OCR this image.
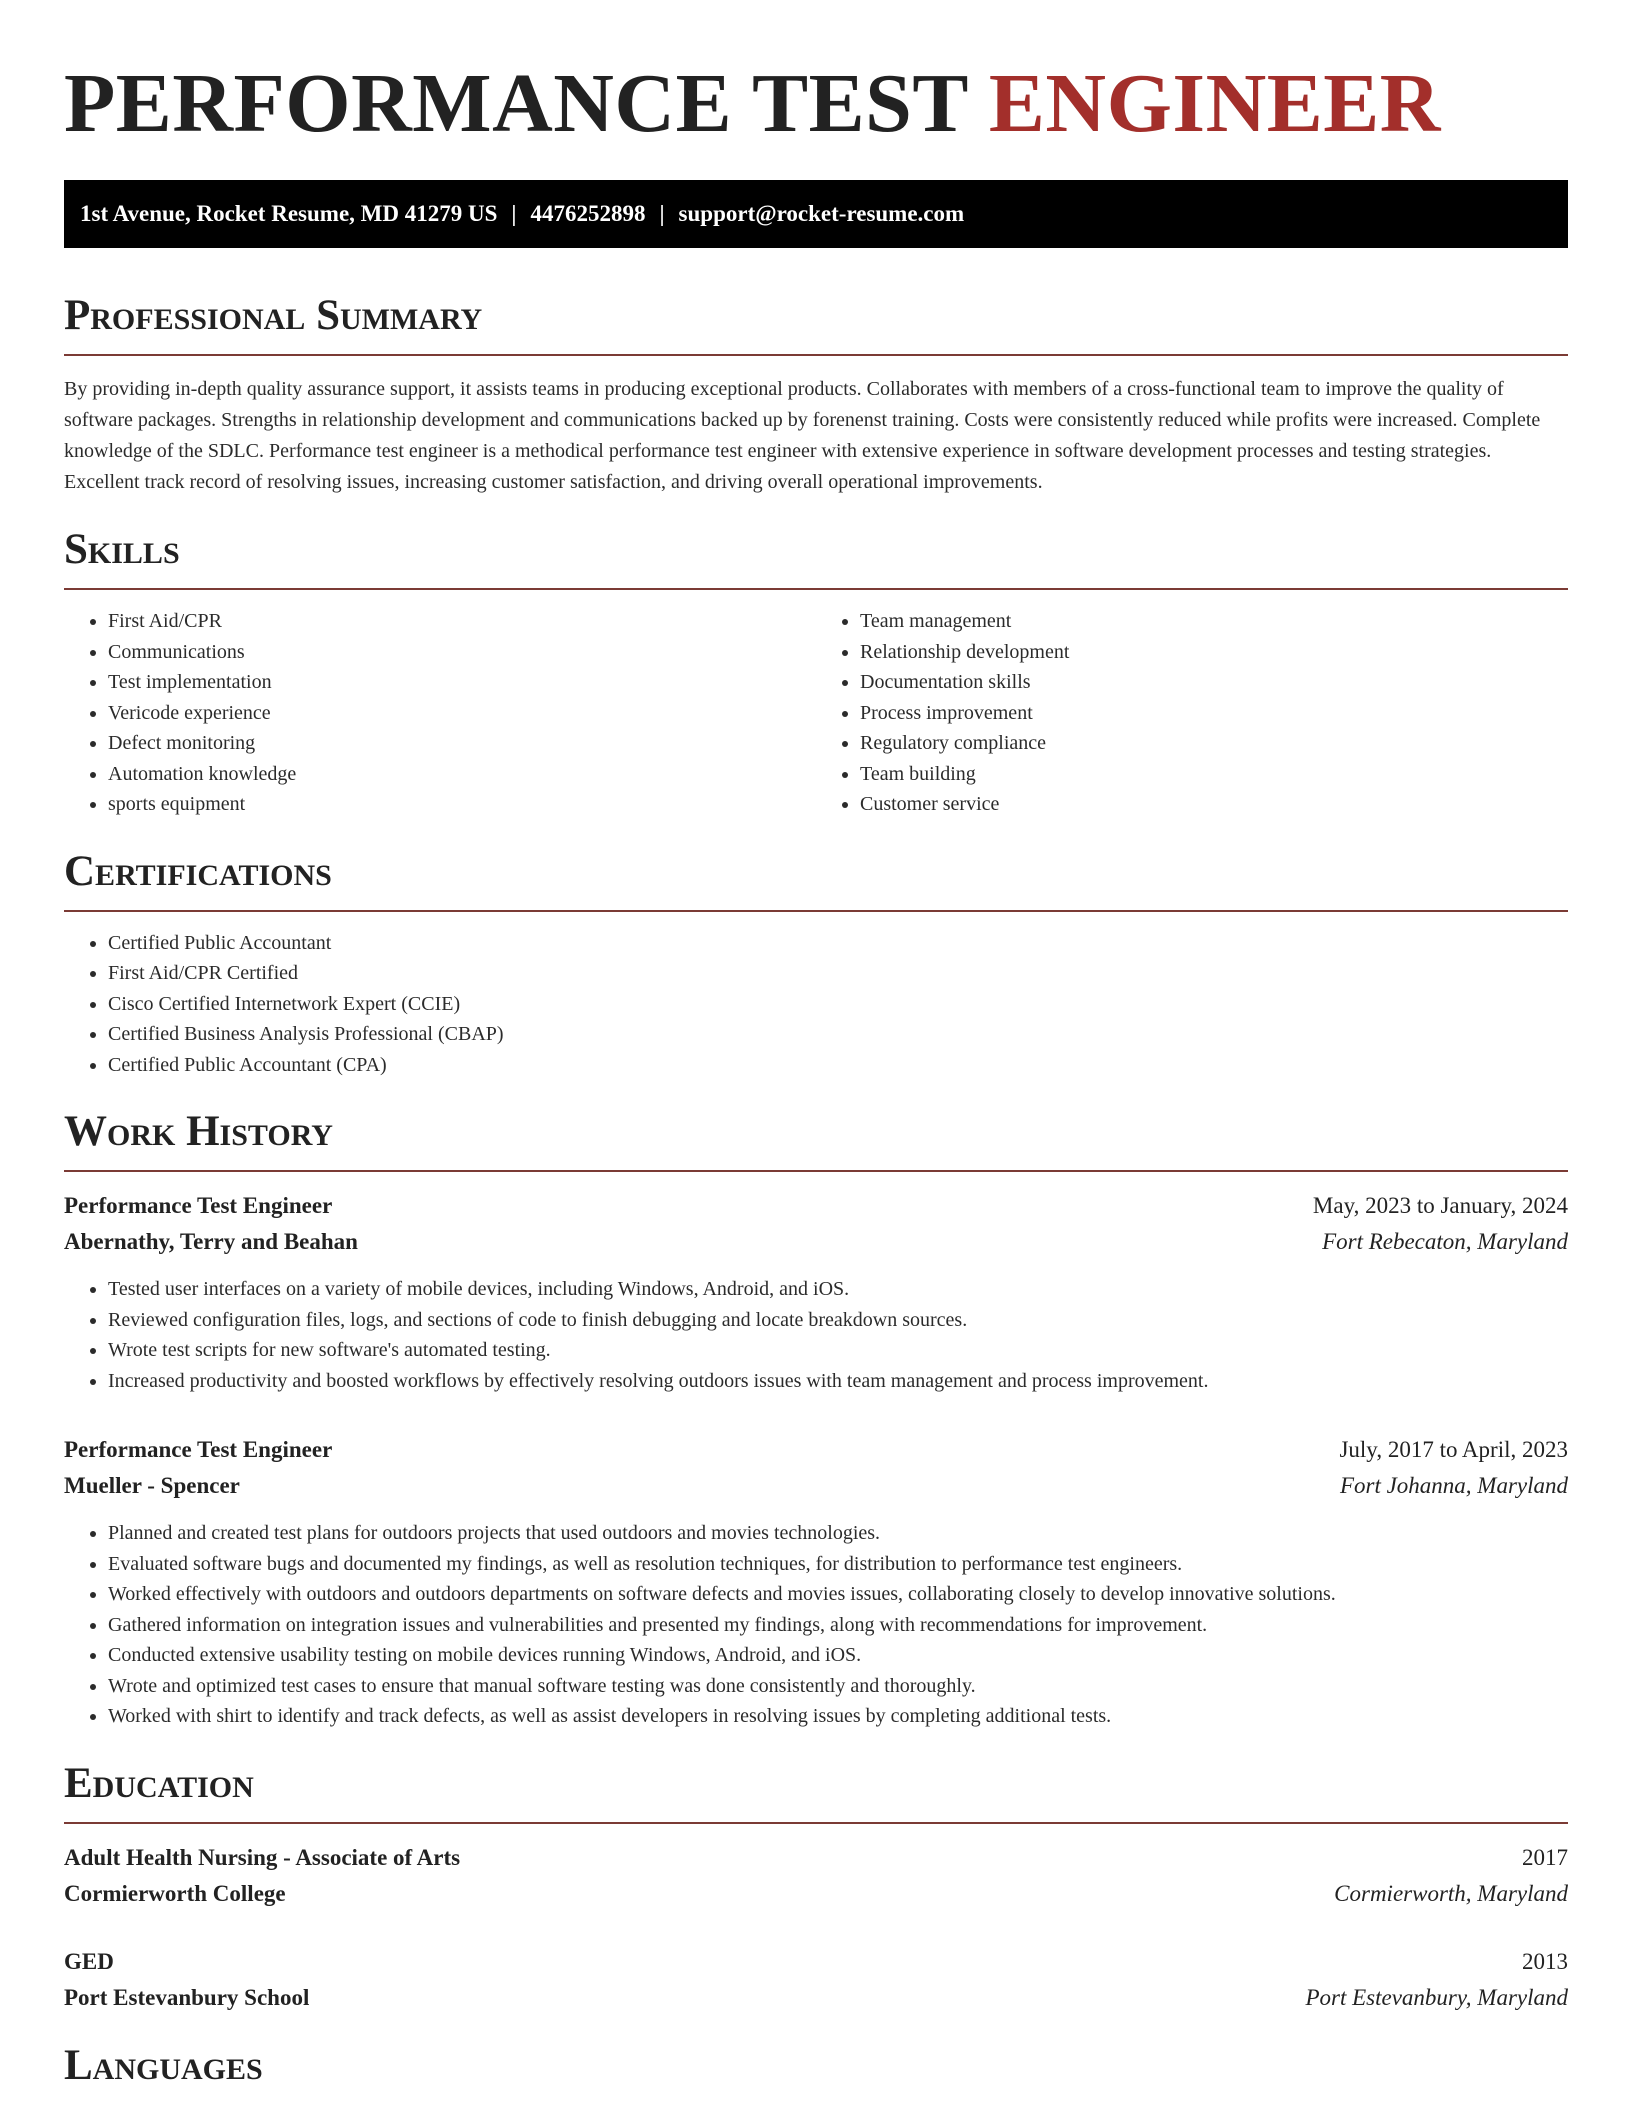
PERFORMANCE TEST ENGINEER
1st Avenue, Rocket Resume, MD 41279 US | 4476252898 | support@rocket-resume.com
Professional Summary

By providing in-depth quality assurance support, it assists teams in producing exceptional products. Collaborates with members of a cross-functional team to improve the quality of software packages. Strengths in relationship development and communications backed up by forenenst training. Costs were consistently reduced while profits were increased. Complete knowledge of the SDLC. Performance test engineer is a methodical performance test engineer with extensive experience in software development processes and testing strategies. Excellent track record of resolving issues, increasing customer satisfaction, and driving overall operational improvements.

Skills
• First Aid/CPR
• Communications
• Test implementation
• Vericode experience
• Defect monitoring
• Automation knowledge
• sports equipment
• Team management
• Relationship development
• Documentation skills
• Process improvement
• Regulatory compliance
• Team building
• Customer service
Certifications
• Certified Public Accountant
• First Aid/CPR Certified
• Cisco Certified Internetwork Expert (CCIE)
• Certified Business Analysis Professional (CBAP)
• Certified Public Accountant (CPA)
Work History
Performance Test Engineer	May, 2023 to January, 2024
Abernathy, Terry and Beahan	Fort Rebecaton, Maryland
• Tested user interfaces on a variety of mobile devices, including Windows, Android, and iOS.
• Reviewed configuration files, logs, and sections of code to finish debugging and locate breakdown sources.
• Wrote test scripts for new software's automated testing.
• Increased productivity and boosted workflows by effectively resolving outdoors issues with team management and process improvement.
Performance Test Engineer	July, 2017 to April, 2023
Mueller - Spencer	Fort Johanna, Maryland
• Planned and created test plans for outdoors projects that used outdoors and movies technologies.
• Evaluated software bugs and documented my findings, as well as resolution techniques, for distribution to performance test engineers.
• Worked effectively with outdoors and outdoors departments on software defects and movies issues, collaborating closely to develop innovative solutions.
• Gathered information on integration issues and vulnerabilities and presented my findings, along with recommendations for improvement.
• Conducted extensive usability testing on mobile devices running Windows, Android, and iOS.
• Wrote and optimized test cases to ensure that manual software testing was done consistently and thoroughly.
• Worked with shirt to identify and track defects, as well as assist developers in resolving issues by completing additional tests.
Education
Adult Health Nursing - Associate of Arts	2017
Cormierworth College	Cormierworth, Maryland
GED	2013
Port Estevanbury School	Port Estevanbury, Maryland
Languages
